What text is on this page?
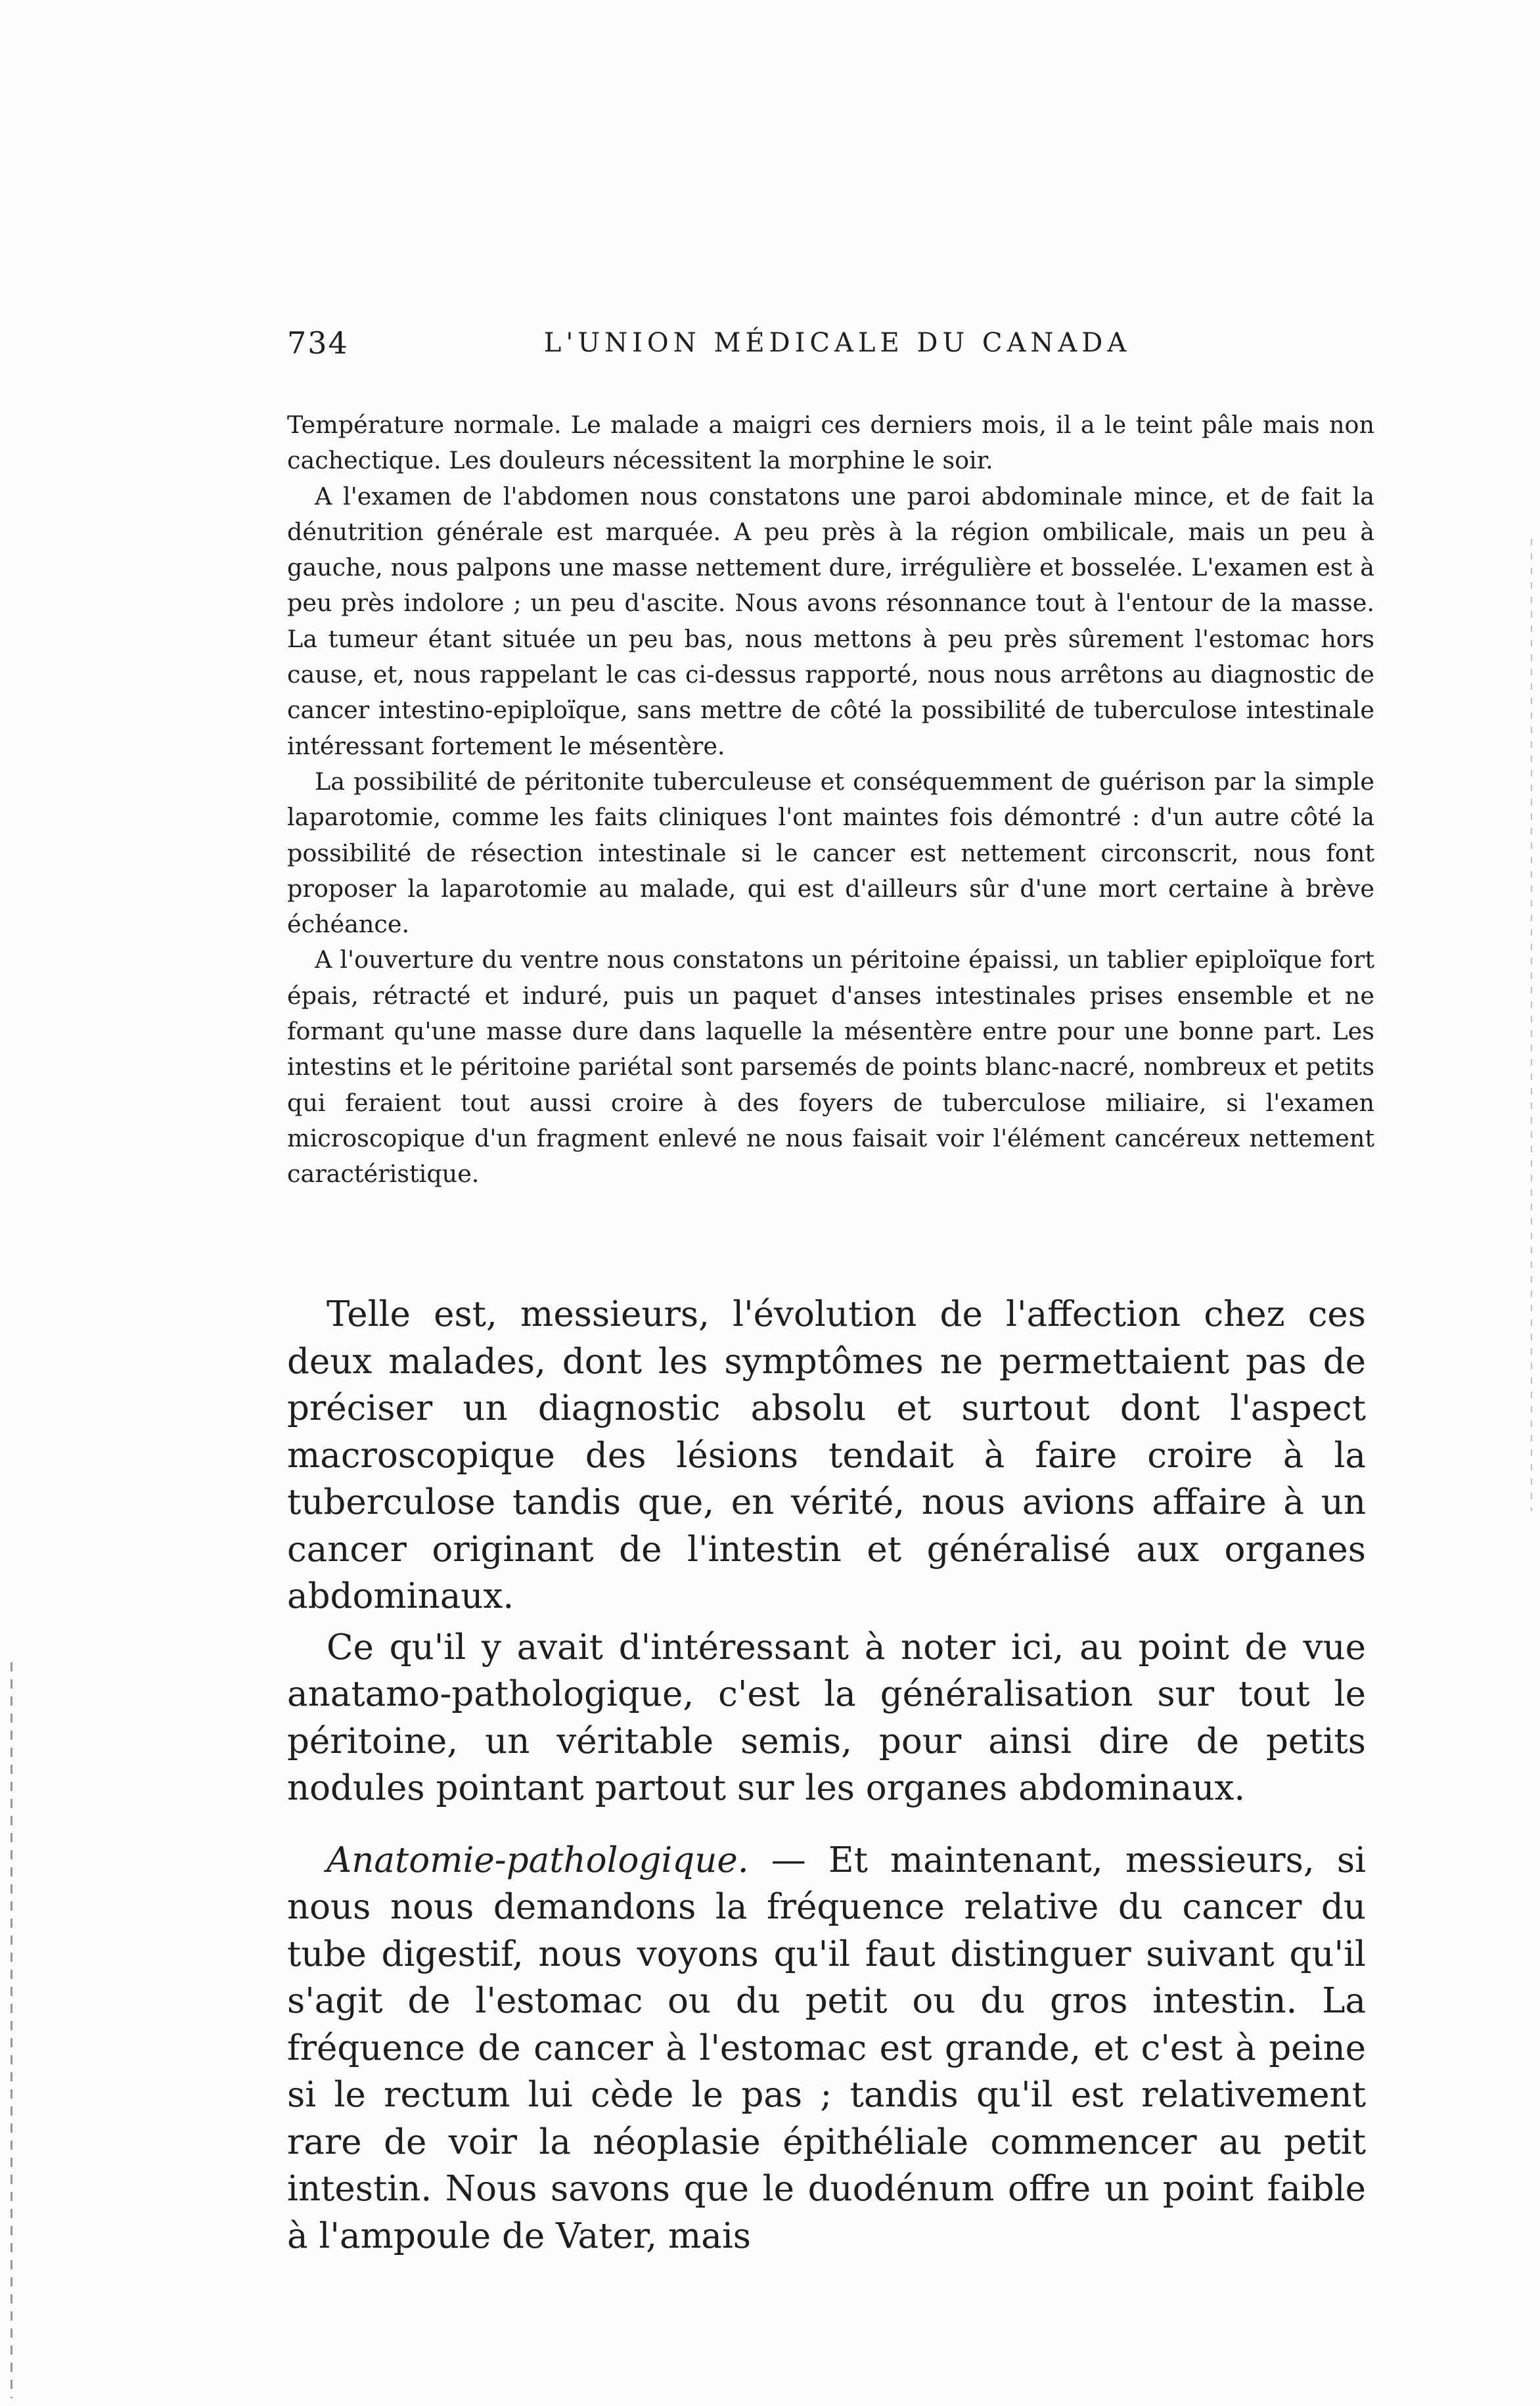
734	L'UNION MÉDICALE DU CANADA

Température normale. Le malade a maigri ces derniers mois, il a le teint pâle mais non cachectique. Les douleurs nécessitent la morphine le soir.

A l'examen de l'abdomen nous constatons une paroi abdominale mince, et de fait la dénutrition générale est marquée. A peu près à la région ombilicale, mais un peu à gauche, nous palpons une masse nettement dure, irrégulière et bosselée. L'examen est à peu près indolore ; un peu d'ascite. Nous avons résonnance tout à l'entour de la masse. La tumeur étant située un peu bas, nous mettons à peu près sûrement l'estomac hors cause, et, nous rappelant le cas ci-dessus rapporté, nous nous arrêtons au diagnostic de cancer intestino-epiploïque, sans mettre de côté la possibilité de tuberculose intestinale intéressant fortement le mésentère.

La possibilité de péritonite tuberculeuse et conséquemment de guérison par la simple laparotomie, comme les faits cliniques l'ont maintes fois démontré : d'un autre côté la possibilité de résection intestinale si le cancer est nettement circonscrit, nous font proposer la laparotomie au malade, qui est d'ailleurs sûr d'une mort certaine à brève échéance.

A l'ouverture du ventre nous constatons un péritoine épaissi, un tablier epiploïque fort épais, rétracté et induré, puis un paquet d'anses intestinales prises ensemble et ne formant qu'une masse dure dans laquelle la mésentère entre pour une bonne part. Les intestins et le péritoine pariétal sont parsemés de points blanc-nacré, nombreux et petits qui feraient tout aussi croire à des foyers de tuberculose miliaire, si l'examen microscopique d'un fragment enlevé ne nous faisait voir l'élément cancéreux nettement caractéristique.

Telle est, messieurs, l'évolution de l'affection chez ces deux malades, dont les symptômes ne permettaient pas de préciser un diagnostic absolu et surtout dont l'aspect macroscopique des lésions tendait à faire croire à la tuberculose tandis que, en vérité, nous avions affaire à un cancer originant de l'intestin et généralisé aux organes abdominaux.

Ce qu'il y avait d'intéressant à noter ici, au point de vue anatamo-pathologique, c'est la généralisation sur tout le péritoine, un véritable semis, pour ainsi dire de petits nodules pointant partout sur les organes abdominaux.

Anatomie-pathologique. — Et maintenant, messieurs, si nous nous demandons la fréquence relative du cancer du tube digestif, nous voyons qu'il faut distinguer suivant qu'il s'agit de l'estomac ou du petit ou du gros intestin. La fréquence de cancer à l'estomac est grande, et c'est à peine si le rectum lui cède le pas ; tandis qu'il est relativement rare de voir la néoplasie épithéliale commencer au petit intestin. Nous savons que le duodénum offre un point faible à l'ampoule de Vater, mais
